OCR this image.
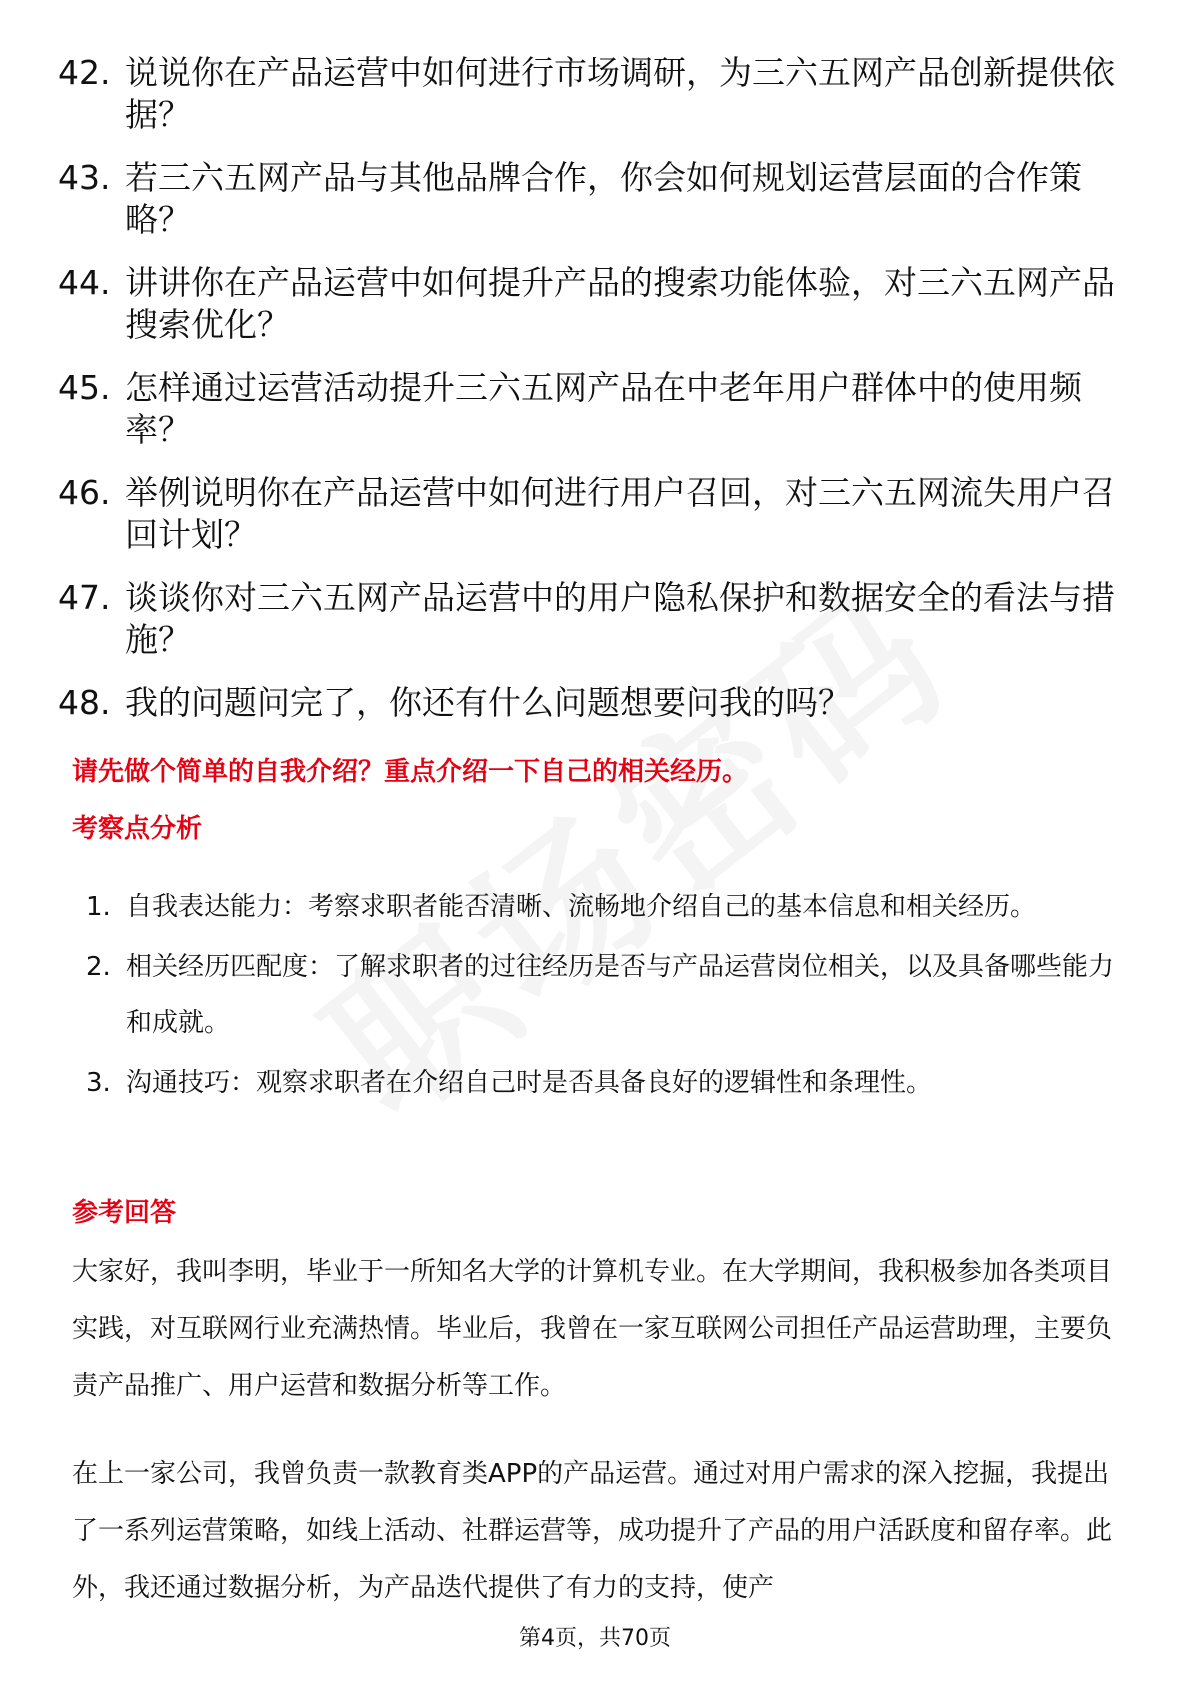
42. 说说你在产品运营中如何进行市场调研，为三六五网产品创新提供依据？
43. 若三六五网产品与其他品牌合作，你会如何规划运营层面的合作策略？
44. 讲讲你在产品运营中如何提升产品的搜索功能体验，对三六五网产品搜索优化？
45. 怎样通过运营活动提升三六五网产品在中老年用户群体中的使用频率？
46. 举例说明你在产品运营中如何进行用户召回，对三六五网流失用户召回计划？
47. 谈谈你对三六五网产品运营中的用户隐私保护和数据安全的看法与措施？
48. 我的问题问完了，你还有什么问题想要问我的吗？
请先做个简单的自我介绍？重点介绍一下自己的相关经历。
考察点分析
1. 自我表达能力：考察求职者能否清晰、流畅地介绍自己的基本信息和相关经历。
2. 相关经历匹配度：了解求职者的过往经历是否与产品运营岗位相关，以及具备哪些能力和成就。
3. 沟通技巧：观察求职者在介绍自己时是否具备良好的逻辑性和条理性。
参考回答
大家好，我叫李明，毕业于一所知名大学的计算机专业。在大学期间，我积极参加各类项目实践，对互联网行业充满热情。毕业后，我曾在一家互联网公司担任产品运营助理，主要负责产品推广、用户运营和数据分析等工作。
在上一家公司，我曾负责一款教育类APP的产品运营。通过对用户需求的深入挖掘，我提出了一系列运营策略，如线上活动、社群运营等，成功提升了产品的用户活跃度和留存率。此外，我还通过数据分析，为产品迭代提供了有力的支持，使产
第4页，共70页
